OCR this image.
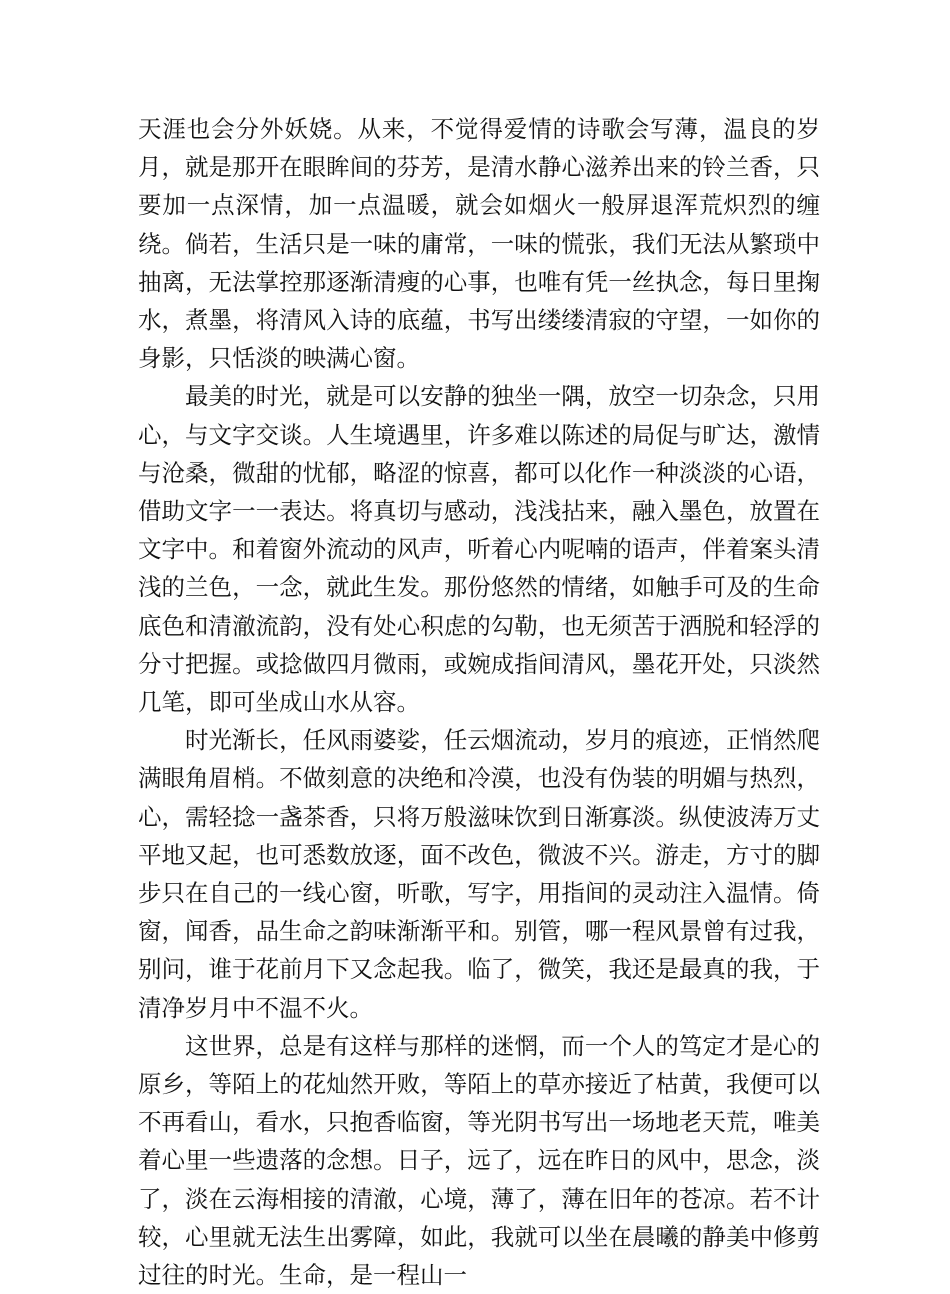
天涯也会分外妖娆。从来，不觉得爱情的诗歌会写薄，温良的岁月，就是那开在眼眸间的芬芳，是清水静心滋养出来的铃兰香，只要加一点深情，加一点温暖，就会如烟火一般屏退浑荒炽烈的缠绕。倘若，生活只是一味的庸常，一味的慌张，我们无法从繁琐中抽离，无法掌控那逐渐清瘦的心事，也唯有凭一丝执念，每日里掬水，煮墨，将清风入诗的底蕴，书写出缕缕清寂的守望，一如你的身影，只恬淡的映满心窗。

最美的时光，就是可以安静的独坐一隅，放空一切杂念，只用心，与文字交谈。人生境遇里，许多难以陈述的局促与旷达，激情与沧桑，微甜的忧郁，略涩的惊喜，都可以化作一种淡淡的心语，借助文字一一表达。将真切与感动，浅浅拈来，融入墨色，放置在文字中。和着窗外流动的风声，听着心内呢喃的语声，伴着案头清浅的兰色，一念，就此生发。那份悠然的情绪，如触手可及的生命底色和清澈流韵，没有处心积虑的勾勒，也无须苦于洒脱和轻浮的分寸把握。或捻做四月微雨，或婉成指间清风，墨花开处，只淡然几笔，即可坐成山水从容。

时光渐长，任风雨婆娑，任云烟流动，岁月的痕迹，正悄然爬满眼角眉梢。不做刻意的决绝和冷漠，也没有伪装的明媚与热烈，心，需轻捻一盏茶香，只将万般滋味饮到日渐寡淡。纵使波涛万丈平地又起，也可悉数放逐，面不改色，微波不兴。游走，方寸的脚步只在自己的一线心窗，听歌，写字，用指间的灵动注入温情。倚窗，闻香，品生命之韵味渐渐平和。别管，哪一程风景曾有过我，别问，谁于花前月下又念起我。临了，微笑，我还是最真的我，于清净岁月中不温不火。

这世界，总是有这样与那样的迷惘，而一个人的笃定才是心的原乡，等陌上的花灿然开败，等陌上的草亦接近了枯黄，我便可以不再看山，看水，只抱香临窗，等光阴书写出一场地老天荒，唯美着心里一些遗落的念想。日子，远了，远在昨日的风中，思念，淡了，淡在云海相接的清澈，心境，薄了，薄在旧年的苍凉。若不计较，心里就无法生出雾障，如此，我就可以坐在晨曦的静美中修剪过往的时光。生命，是一程山一
